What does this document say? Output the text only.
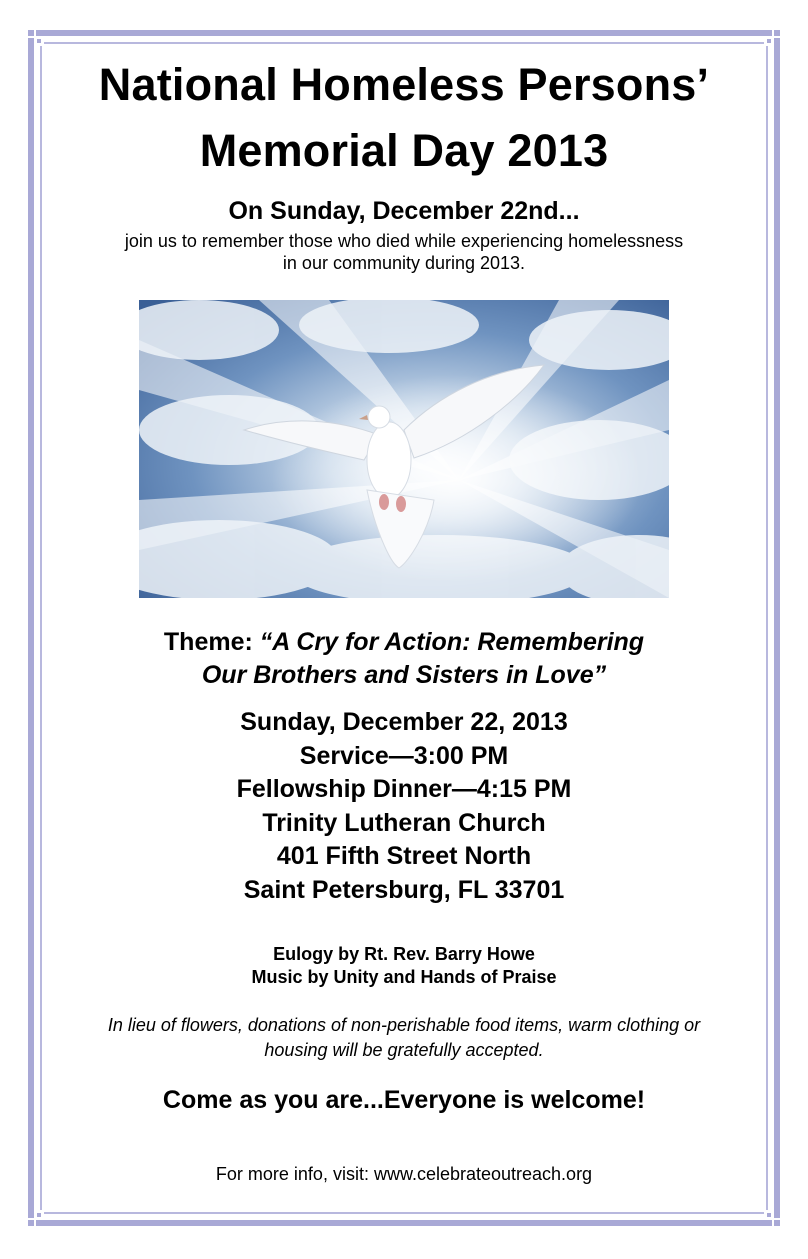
National Homeless Persons’
Memorial Day 2013

On Sunday, December 22nd...

join us to remember those who died while experiencing homelessness
in our community during 2013.

Theme: “A Cry for Action: Remembering
Our Brothers and Sisters in Love”

Sunday, December 22, 2013
Service—3:00 PM
Fellowship Dinner—4:15 PM
Trinity Lutheran Church
401 Fifth Street North
Saint Petersburg, FL 33701
Eulogy by Rt. Rev. Barry Howe
Music by Unity and Hands of Praise

In lieu of flowers, donations of non-perishable food items, warm clothing or
housing will be gratefully accepted.

Come as you are...Everyone is welcome!

For more info, visit: www.celebrateoutreach.org
